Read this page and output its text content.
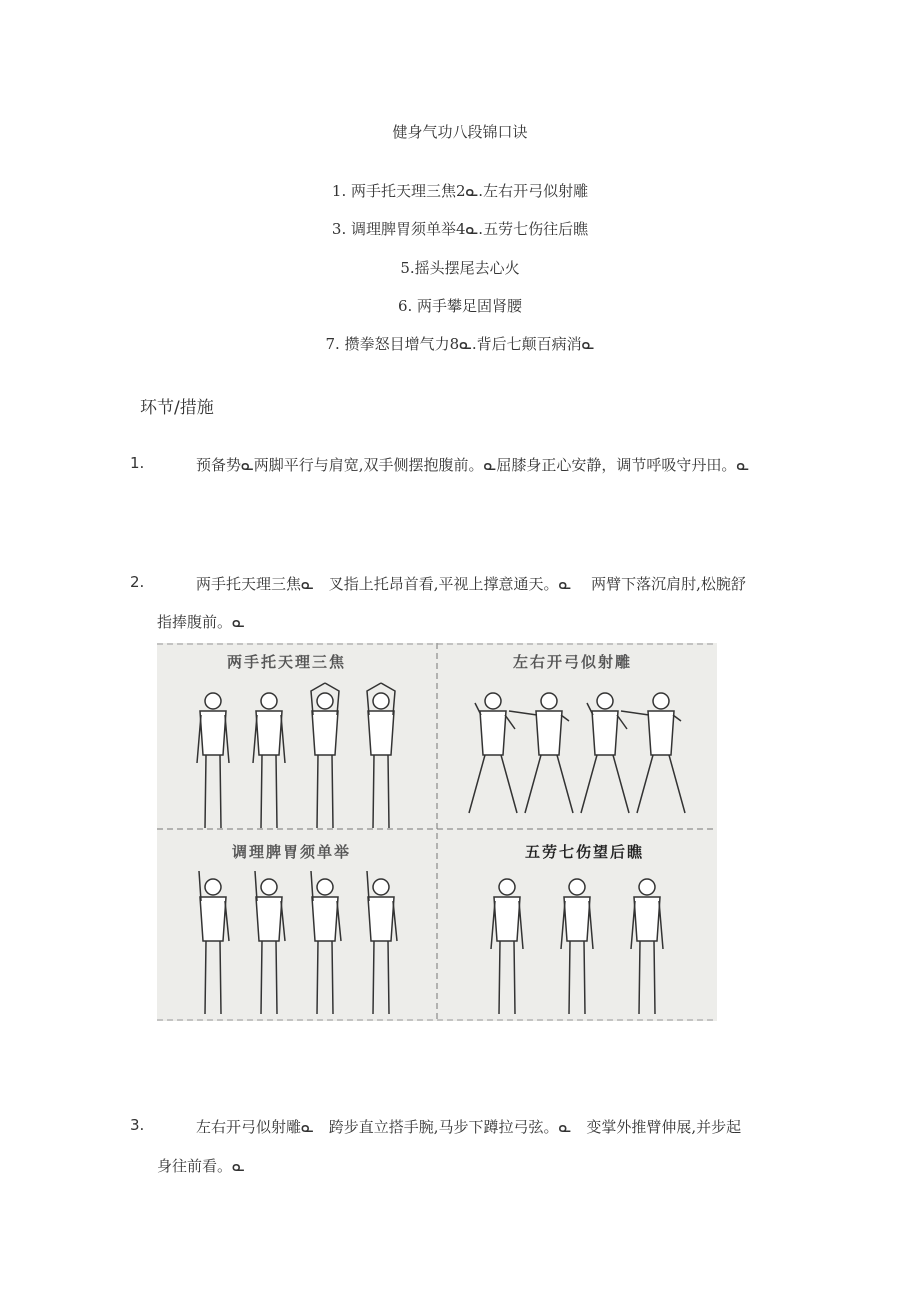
健身气功八段锦口诀
1. 两手托天理三焦2ᓇ.左右开弓似射雕
3. 调理脾胃须单举4ᓇ.五劳七伤往后瞧
5.摇头摆尾去心火
6. 两手攀足固肾腰
7. 攒拳怒目增气力8ᓇ.背后七颠百病消ᓇ
环节/措施
1.	预备势ᓇ两脚平行与肩宽,双手侧摆抱腹前。ᓇ屈膝身正心安静，调节呼吸守丹田。ᓇ
2.	两手托天理三焦ᓇ　叉指上托昂首看,平视上撑意通天。ᓇ　 两臂下落沉肩肘,松腕舒
指捧腹前。ᓇ
两手托天理三焦	左右开弓似射雕
调理脾胃须单举	五劳七伤望后瞧
3.	左右开弓似射雕ᓇ　跨步直立搭手腕,马步下蹲拉弓弦。ᓇ　变掌外推臂伸展,并步起
身往前看。ᓇ
